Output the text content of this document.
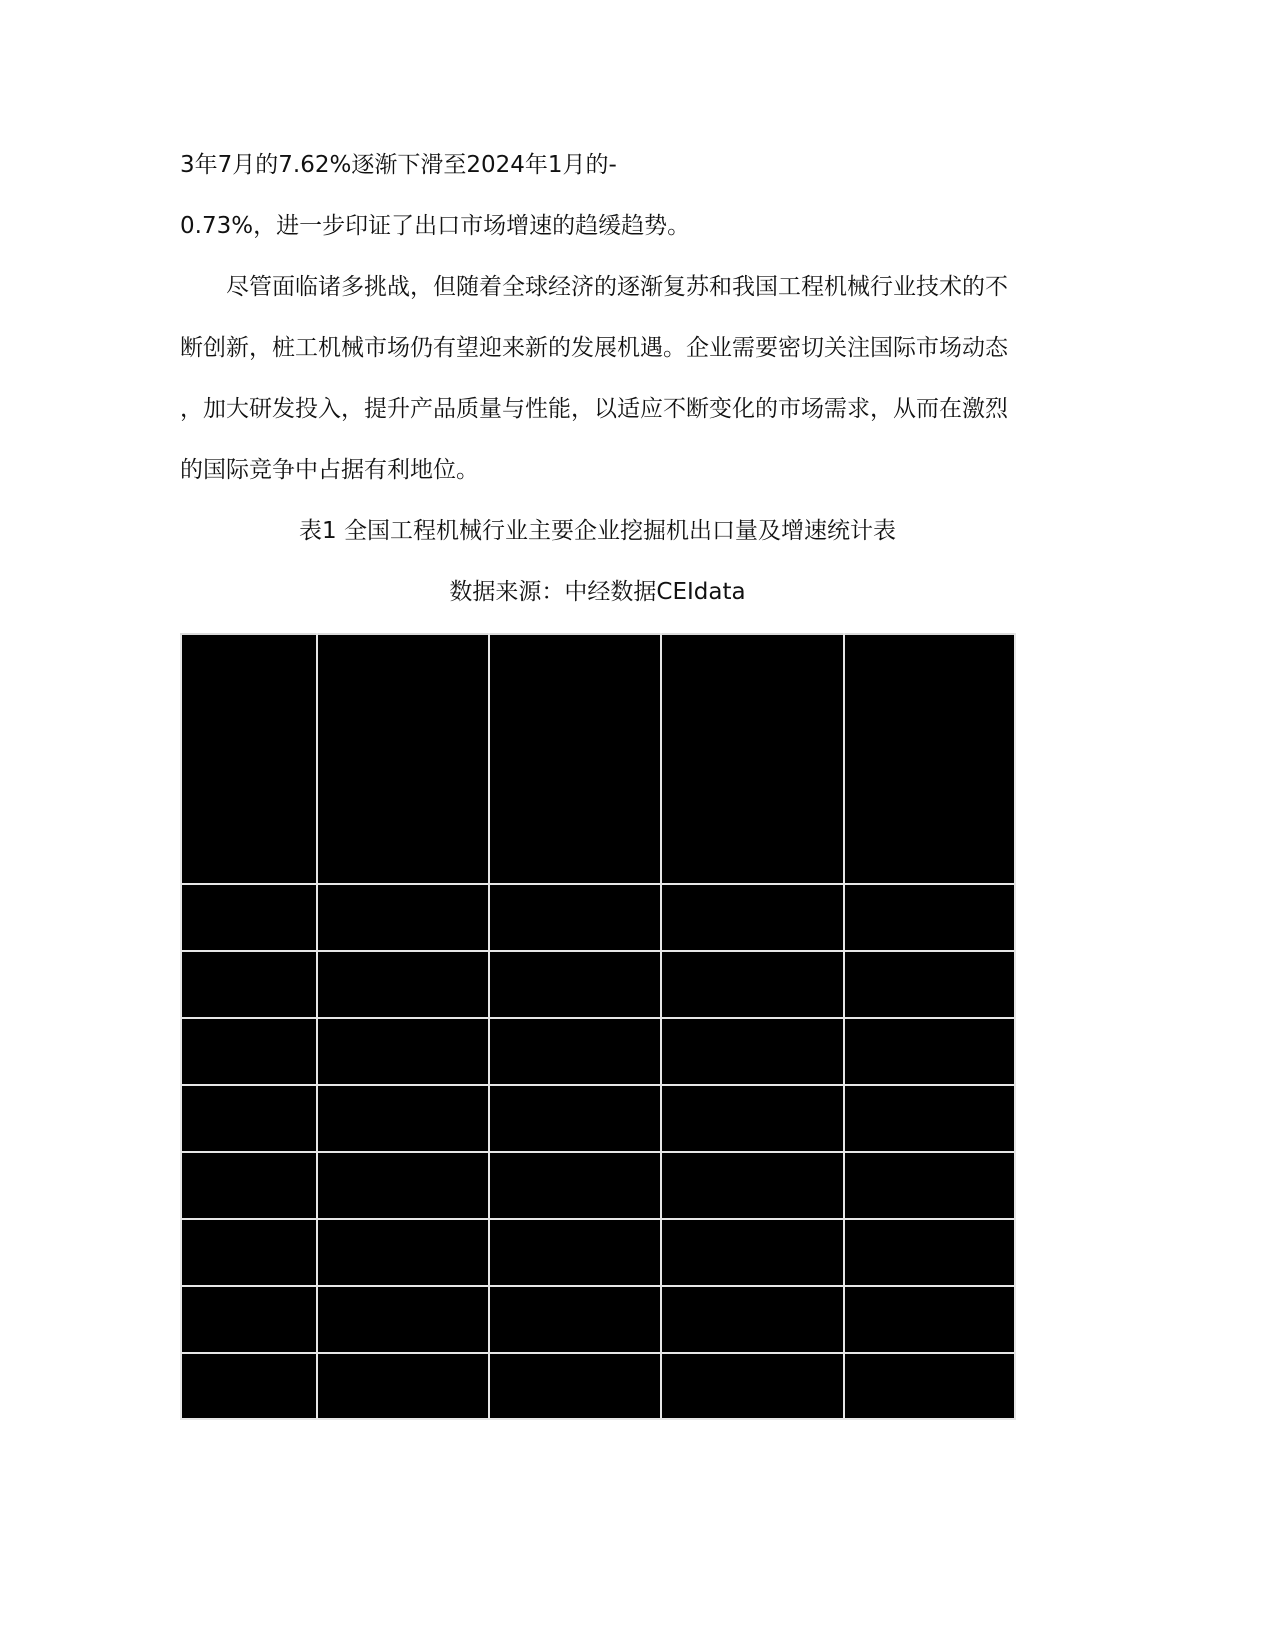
3年7月的7.62%逐渐下滑至2024年1月的-
0.73%，进一步印证了出口市场增速的趋缓趋势。
尽管面临诸多挑战，但随着全球经济的逐渐复苏和我国工程机械行业技术的不
断创新，桩工机械市场仍有望迎来新的发展机遇。企业需要密切关注国际市场动态
，加大研发投入，提升产品质量与性能，以适应不断变化的市场需求，从而在激烈
的国际竞争中占据有利地位。
表1 全国工程机械行业主要企业挖掘机出口量及增速统计表
数据来源：中经数据CEIdata
